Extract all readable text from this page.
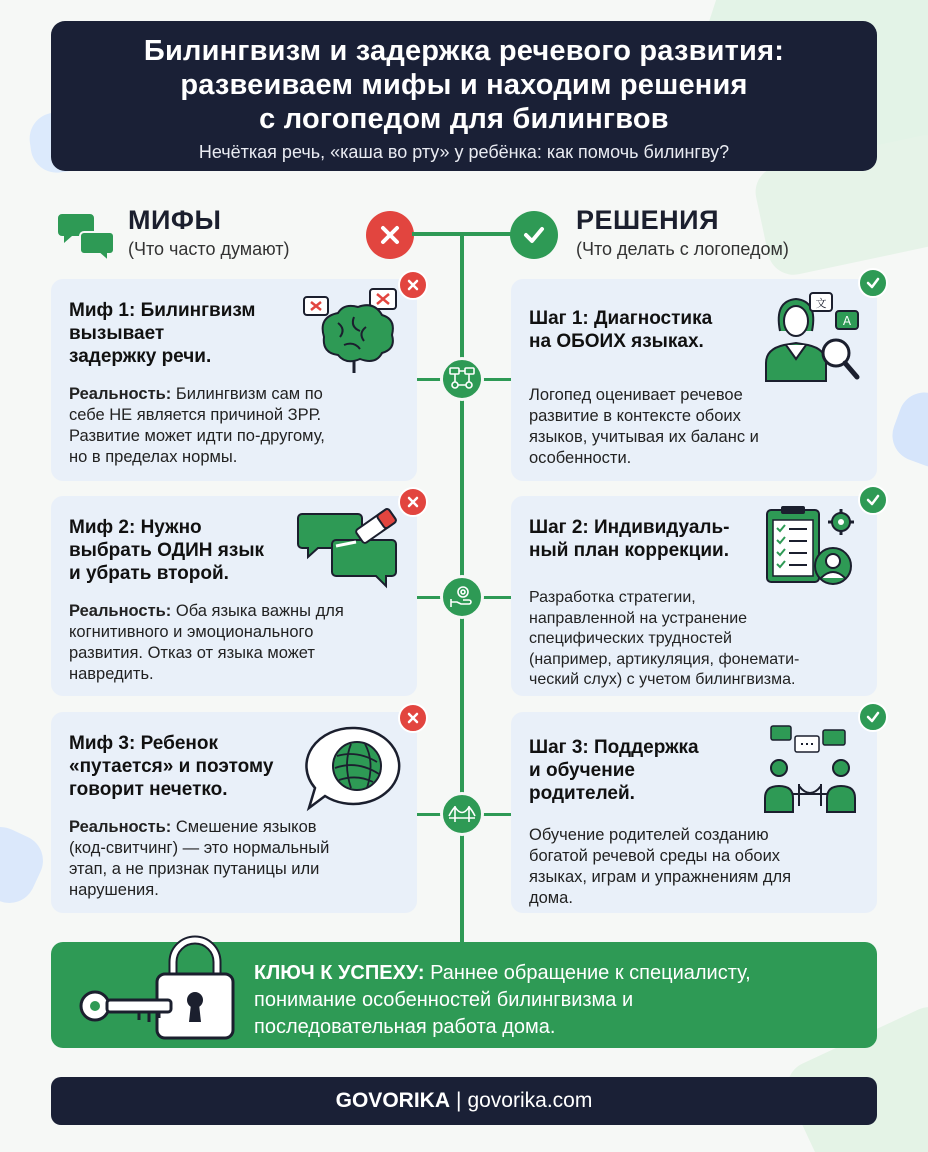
Билингвизм и задержка речевого развития:
развеиваем мифы и находим решения
с логопедом для билингвов
Нечёткая речь, «каша во рту» у ребёнка: как помочь билингву?
МИФЫ
(Что часто думают)
РЕШЕНИЯ
(Что делать с логопедом)
Миф 1: Билингвизм
вызывает
задержку речи.

Реальность: Билингвизм сам по
себе НЕ является причиной ЗРР.
Развитие может идти по-другому,
но в пределах нормы.

Миф 2: Нужно
выбрать ОДИН язык
и убрать второй.

Реальность: Оба языка важны для
когнитивного и эмоционального
развития. Отказ от языка может
навредить.

Миф 3: Ребенок
«путается» и поэтому
говорит нечетко.

Реальность: Смешение языков
(код-свитчинг) — это нормальный
этап, а не признак путаницы или
нарушения.

Шаг 1: Диагностика
на ОБОИХ языках.

Логопед оценивает речевое
развитие в контексте обоих
языков, учитывая их баланс и
особенности.

文
A
Шаг 2: Индивидуаль-
ный план коррекции.

Разработка стратегии,
направленной на устранение
специфических трудностей
(например, артикуляция, фонемати-
ческий слух) с учетом билингвизма.

Шаг 3: Поддержка
и обучение
родителей.

Обучение родителей созданию
богатой речевой среды на обоих
языках, играм и упражнениям для
дома.

КЛЮЧ К УСПЕХУ: Раннее обращение к специалисту,
понимание особенностей билингвизма и
последовательная работа дома.
GOVORIKA | govorika.com
